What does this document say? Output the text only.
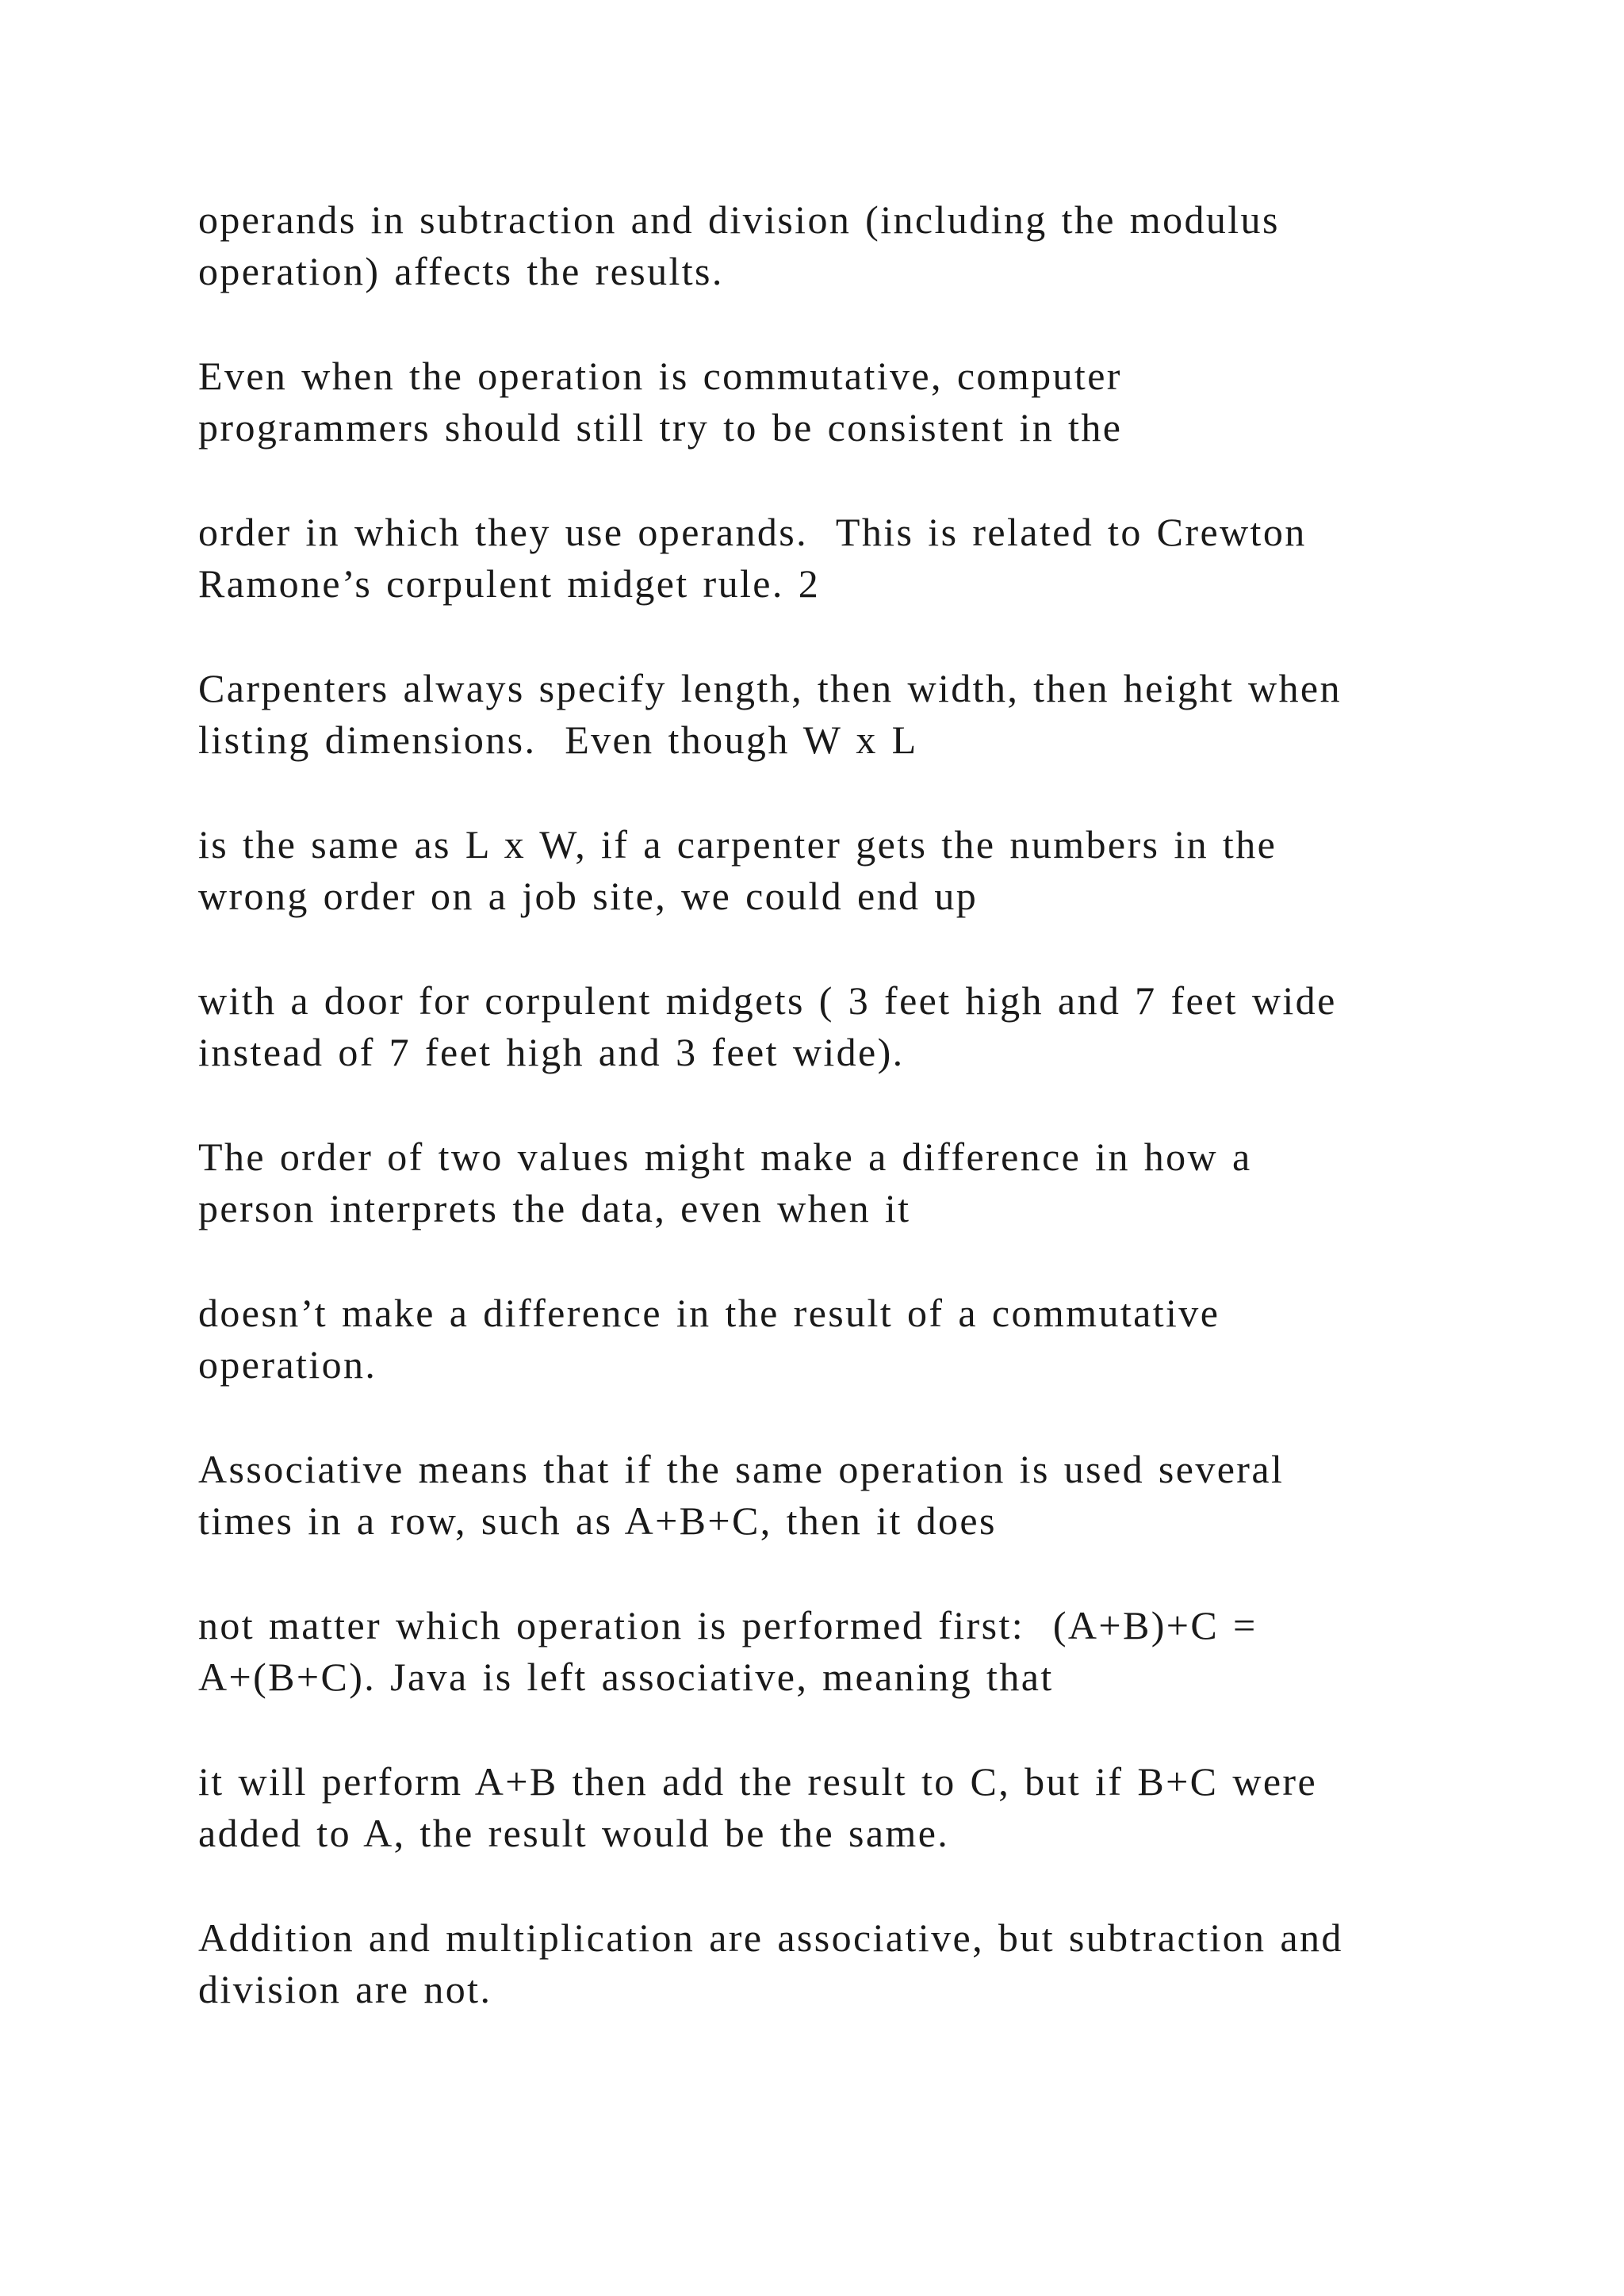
operands in subtraction and division (including the modulus
operation) affects the results.

Even when the operation is commutative, computer
programmers should still try to be consistent in the

order in which they use operands.  This is related to Crewton
Ramone’s corpulent midget rule. 2

Carpenters always specify length, then width, then height when
listing dimensions.  Even though W x L

is the same as L x W, if a carpenter gets the numbers in the
wrong order on a job site, we could end up

with a door for corpulent midgets ( 3 feet high and 7 feet wide
instead of 7 feet high and 3 feet wide).

The order of two values might make a difference in how a
person interprets the data, even when it

doesn’t make a difference in the result of a commutative
operation.

Associative means that if the same operation is used several
times in a row, such as A+B+C, then it does

not matter which operation is performed first:  (A+B)+C =
A+(B+C). Java is left associative, meaning that

it will perform A+B then add the result to C, but if B+C were
added to A, the result would be the same.

Addition and multiplication are associative, but subtraction and
division are not.
